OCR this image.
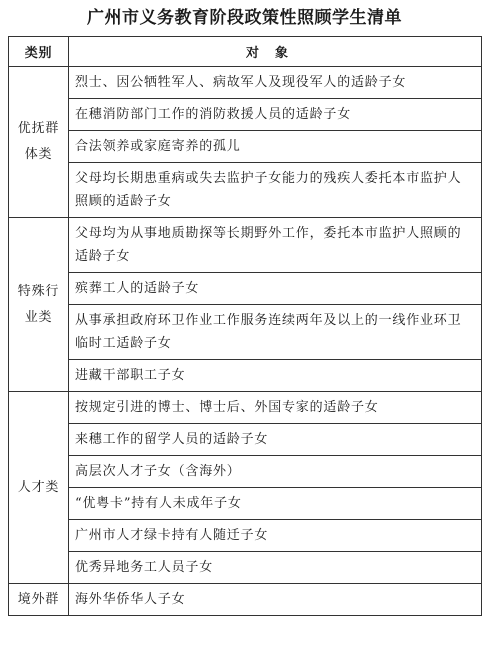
广州市义务教育阶段政策性照顾学生清单
类别	对象

优抚群体类	烈士、因公牺牲军人、病故军人及现役军人的适龄子女
	在穗消防部门工作的消防救援人员的适龄子女
	合法领养或家庭寄养的孤儿
	父母均长期患重病或失去监护子女能力的残疾人委托本市监护人照顾的适龄子女

特殊行业类	父母均为从事地质勘探等长期野外工作，委托本市监护人照顾的适龄子女
	殡葬工人的适龄子女
	从事承担政府环卫作业工作服务连续两年及以上的一线作业环卫临时工适龄子女
	进藏干部职工子女

人才类	按规定引进的博士、博士后、外国专家的适龄子女
	来穗工作的留学人员的适龄子女
	高层次人才子女（含海外）
	“优粤卡”持有人未成年子女
	广州市人才绿卡持有人随迁子女
	优秀异地务工人员子女

境外群	海外华侨华人子女
